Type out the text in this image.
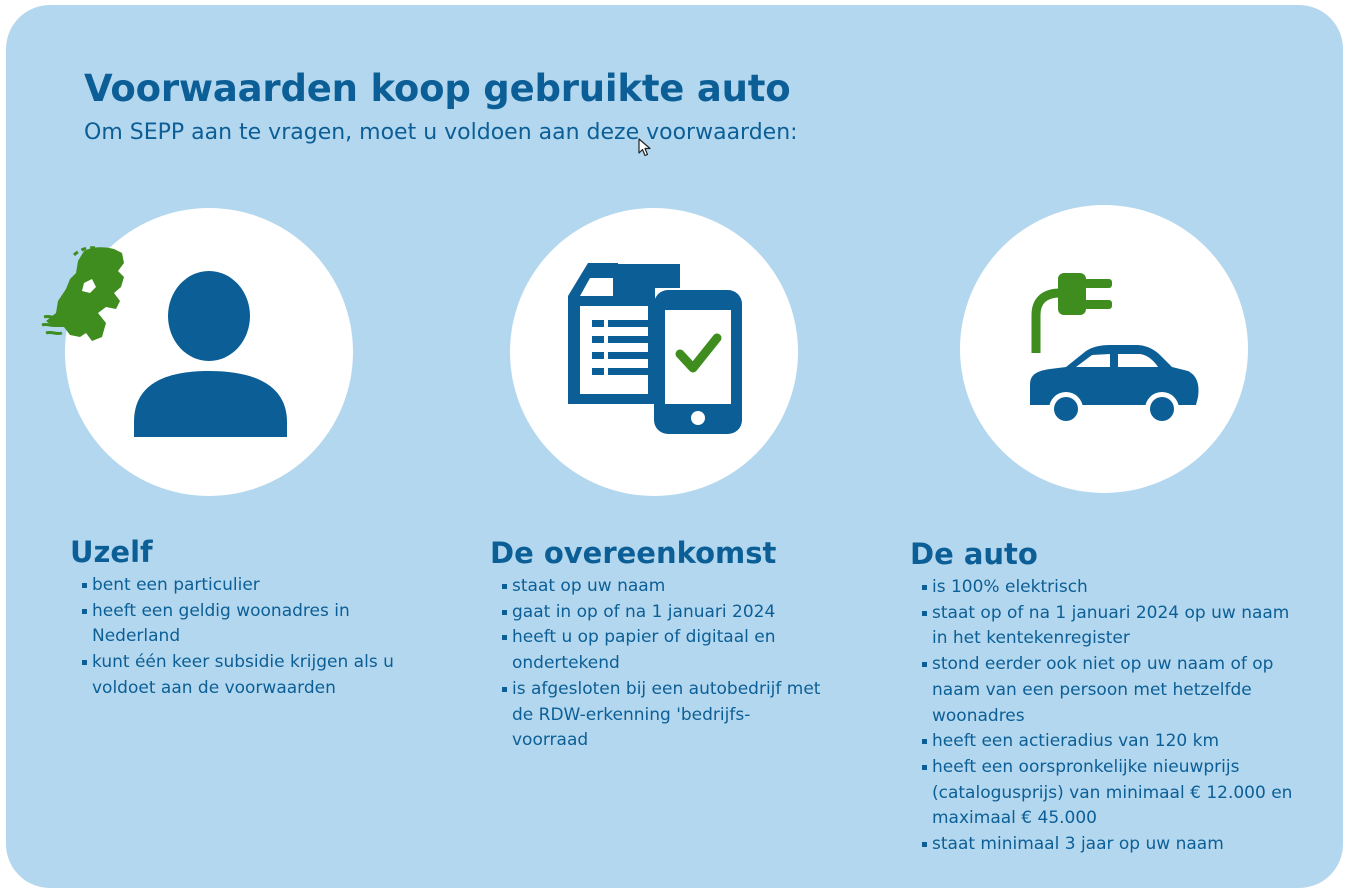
Voorwaarden koop gebruikte auto

Om SEPP aan te vragen, moet u voldoen aan deze voorwaarden:

Uzelf
bent een particulier
heeft een geldig woonadres in Nederland
kunt één keer subsidie krijgen als u voldoet aan de voorwaarden
De overeenkomst
staat op uw naam
gaat in op of na 1 januari 2024
heeft u op papier of digitaal en ondertekend
is afgesloten bij een autobedrijf met de RDW-erkenning 'bedrijfs-voorraad
De auto
is 100% elektrisch
staat op of na 1 januari 2024 op uw naam in het kentekenregister
stond eerder ook niet op uw naam of op naam van een persoon met hetzelfde woonadres
heeft een actieradius van 120 km
heeft een oorspronkelijke nieuwprijs (catalogusprijs) van minimaal € 12.000 en maximaal € 45.000
staat minimaal 3 jaar op uw naam
